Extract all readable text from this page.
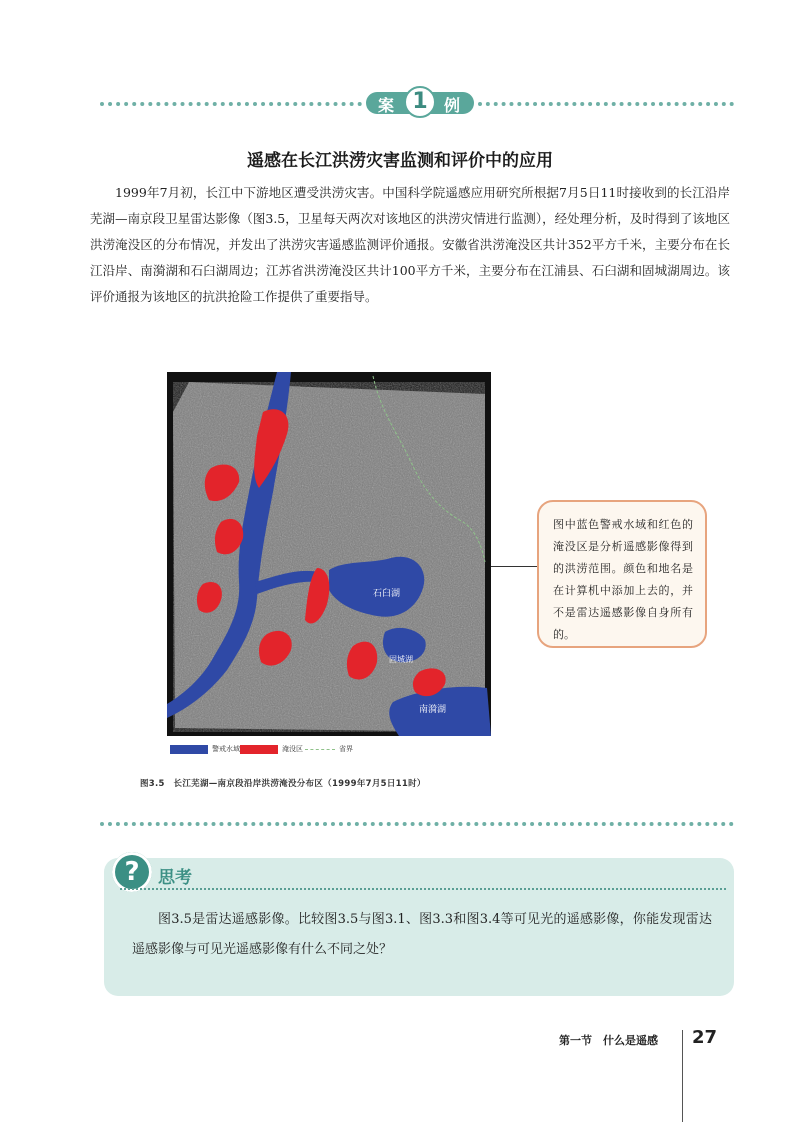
案 1	例
遥感在长江洪涝灾害监测和评价中的应用
1999年7月初，长江中下游地区遭受洪涝灾害。中国科学院遥感应用研究所根据7月5日11时接收到的长江沿岸芜湖—南京段卫星雷达影像（图3.5，卫星每天两次对该地区的洪涝灾情进行监测），经处理分析，及时得到了该地区洪涝淹没区的分布情况，并发出了洪涝灾害遥感监测评价通报。安徽省洪涝淹没区共计352平方千米，主要分布在长江沿岸、南漪湖和石臼湖周边；江苏省洪涝淹没区共计100平方千米，主要分布在江浦县、石臼湖和固城湖周边。该评价通报为该地区的抗洪抢险工作提供了重要指导。
石臼湖
固城湖
南漪湖
警戒水域	淹没区	省界
图3.5　长江芜湖—南京段沿岸洪涝淹没分布区（1999年7月5日11时）
图中蓝色警戒水域和红色的淹没区是分析遥感影像得到的洪涝范围。颜色和地名是在计算机中添加上去的，并不是雷达遥感影像自身所有的。
?	思考
图3.5是雷达遥感影像。比较图3.5与图3.1、图3.3和图3.4等可见光的遥感影像，你能发现雷达遥感影像与可见光遥感影像有什么不同之处？
第一节　什么是遥感 27
